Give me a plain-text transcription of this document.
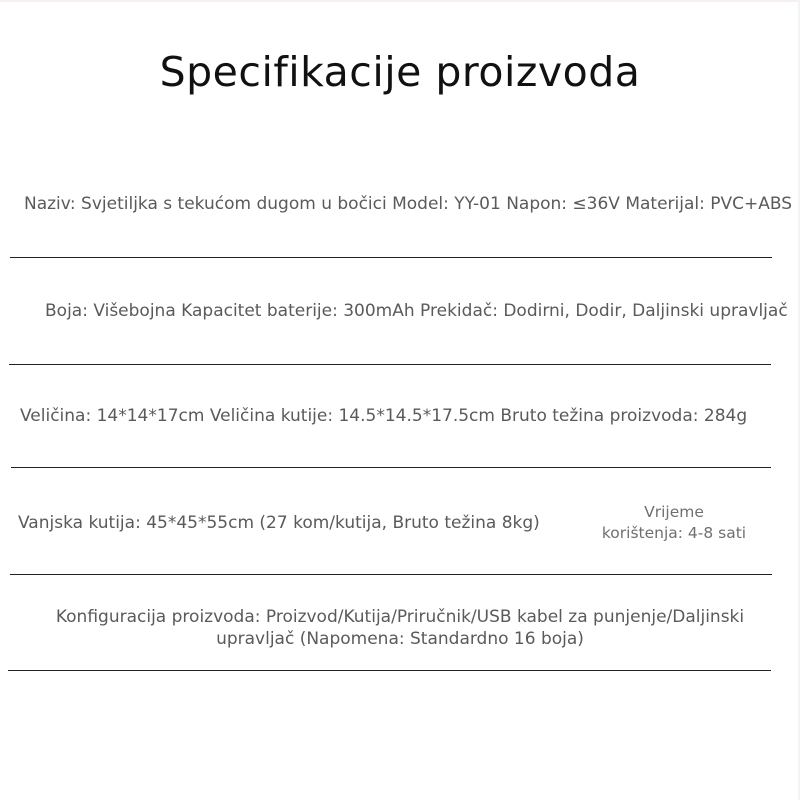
Specifikacije proizvoda
Naziv: Svjetiljka s tekućom dugom u bočici Model: YY-01 Napon: ≤36V Materijal: PVC+ABS
Boja: Višebojna Kapacitet baterije: 300mAh Prekidač: Dodirni, Dodir, Daljinski upravljač
Veličina: 14*14*17cm Veličina kutije: 14.5*14.5*17.5cm Bruto težina proizvoda: 284g
Vanjska kutija: 45*45*55cm (27 kom/kutija, Bruto težina 8kg)
Vrijeme
korištenja: 4-8 sati
Konfiguracija proizvoda: Proizvod/Kutija/Priručnik/USB kabel za punjenje/Daljinski
upravljač (Napomena: Standardno 16 boja)
